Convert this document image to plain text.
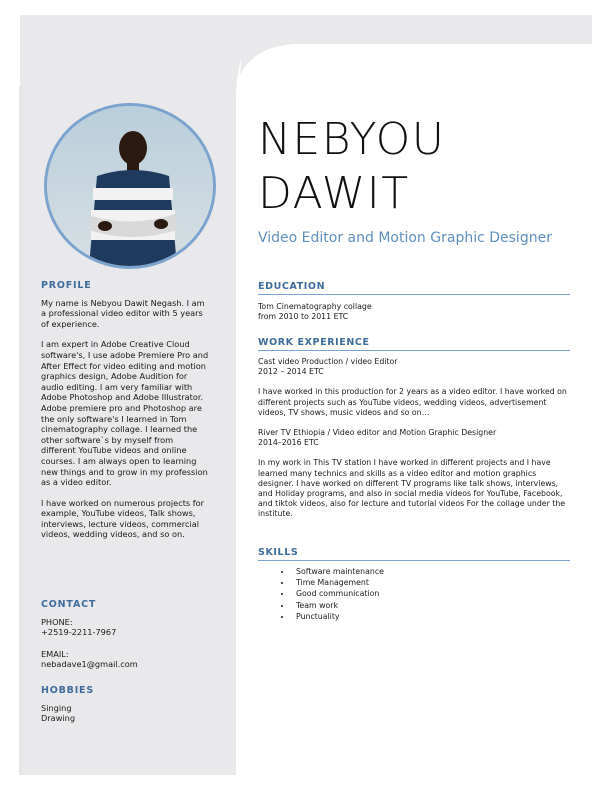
PROFILE

My name is Nebyou Dawit Negash. I am a professional video editor with 5 years of experience.

I am expert in Adobe Creative Cloud software's, I use adobe Premiere Pro and After Effect for video editing and motion graphics design, Adobe Audition for audio editing. I am very familiar with Adobe Photoshop and Adobe Illustrator. Adobe premiere pro and Photoshop are the only software's I learned in Tom cinematography collage. I learned the other software`s by myself from different YouTube videos and online courses. I am always open to learning new things and to grow in my profession as a video editor.

I have worked on numerous projects for example, YouTube videos, Talk shows, interviews, lecture videos, commercial videos, wedding videos, and so on.

CONTACT
PHONE:
+2519-2211-7967
EMAIL:
nebadave1@gmail.com
HOBBIES
Singing
Drawing
NEBYOU
DAWIT
Video Editor and Motion Graphic Designer
EDUCATION

Tom Cinematography collage

from 2010 to 2011 ETC

WORK EXPERIENCE

Cast video Production / video Editor

2012 – 2014 ETC

I have worked in this production for 2 years as a video editor. I have worked on different projects such as YouTube videos, wedding videos, advertisement videos, TV shows, music videos and so on…

River TV Ethiopia / Video editor and Motion Graphic Designer

2014–2016 ETC

In my work in This TV station I have worked in different projects and I have learned many technics and skills as a video editor and motion graphics designer. I have worked on different TV programs like talk shows, interviews, and Holiday programs, and also in social media videos for YouTube, Facebook, and tiktok videos, also for lecture and tutorial videos For the collage under the institute.

SKILLS
• Software maintenance
• Time Management
• Good communication
• Team work
• Punctuality
